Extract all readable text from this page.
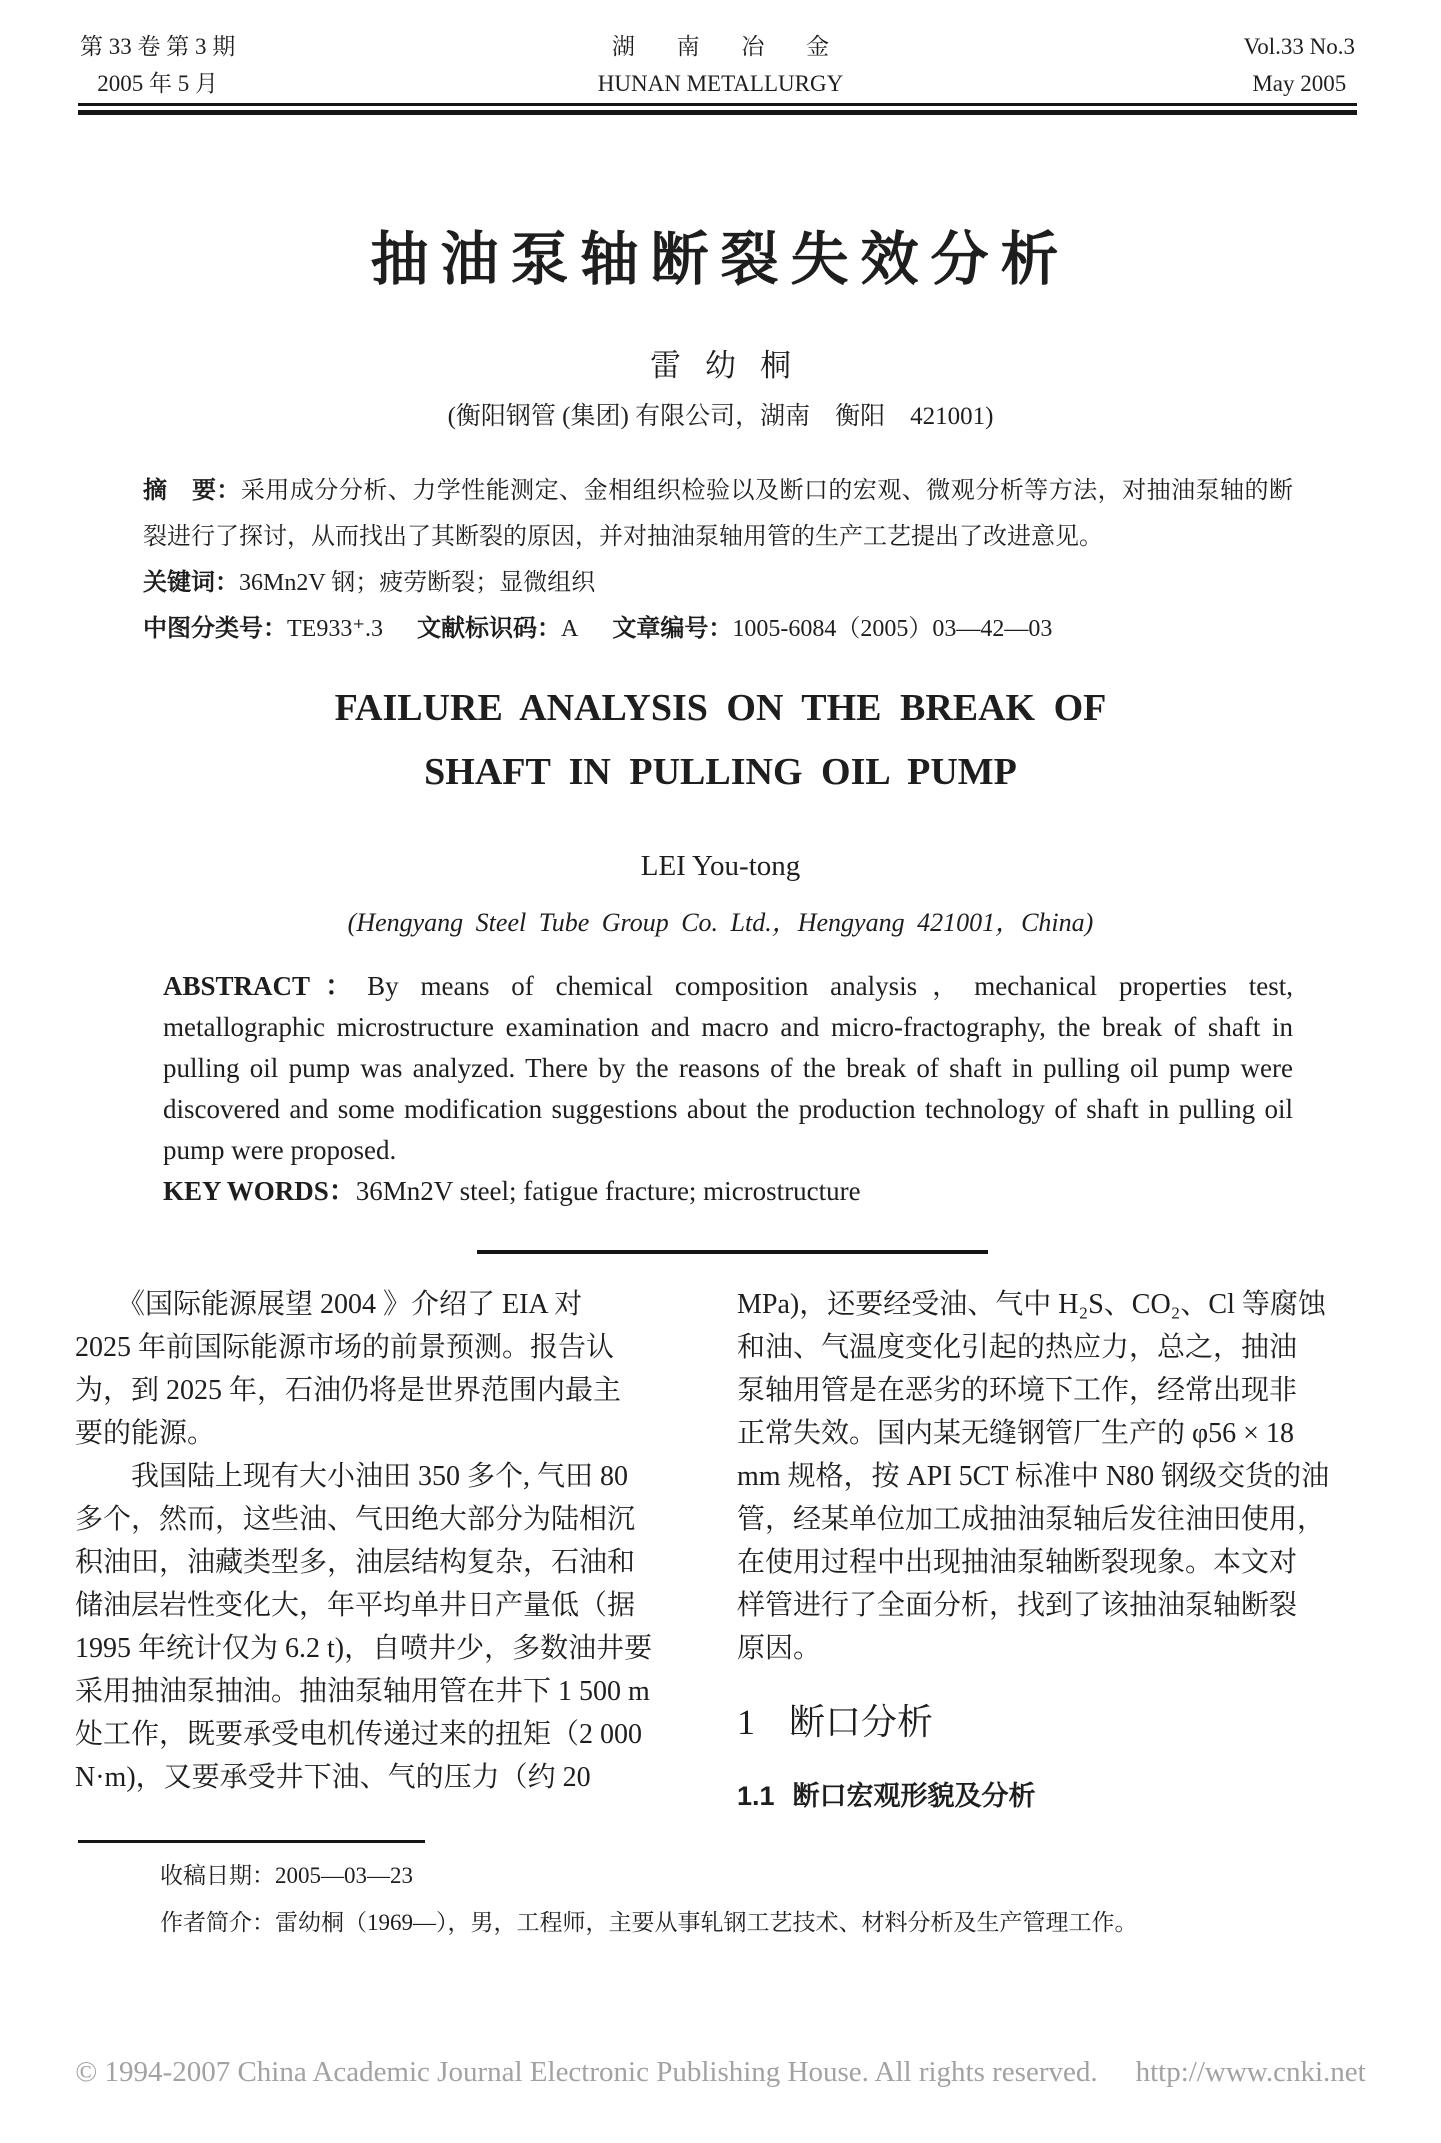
第 33 卷 第 3 期
2005 年 5 月
湖 南 冶 金
HUNAN METALLURGY
Vol.33 No.3
May 2005
抽油泵轴断裂失效分析
雷幼桐
(衡阳钢管 (集团) 有限公司，湖南　衡阳　421001)

摘　要：采用成分分析、力学性能测定、金相组织检验以及断口的宏观、微观分析等方法，对抽油泵轴的断裂进行了探讨，从而找出了其断裂的原因，并对抽油泵轴用管的生产工艺提出了改进意见。

关键词：36Mn2V 钢；疲劳断裂；显微组织

中图分类号：TE933⁺.3 文献标识码：A 文章编号：1005-6084（2005）03—42—03

FAILURE ANALYSIS ON THE BREAK OF
SHAFT IN PULLING OIL PUMP
LEI You-tong
(Hengyang Steel Tube Group Co. Ltd.，Hengyang 421001，China)

ABSTRACT：By means of chemical composition analysis，mechanical properties test, metallographic microstructure examination and macro and micro-fractography, the break of shaft in pulling oil pump was analyzed. There by the reasons of the break of shaft in pulling oil pump were discovered and some modification suggestions about the production technology of shaft in pulling oil pump were proposed.

KEY WORDS：36Mn2V steel; fatigue fracture; microstructure

　　《国际能源展望 2004 》介绍了 EIA 对
2025 年前国际能源市场的前景预测。报告认
为，到 2025 年，石油仍将是世界范围内最主
要的能源。
　　我国陆上现有大小油田 350 多个, 气田 80
多个，然而，这些油、气田绝大部分为陆相沉
积油田，油藏类型多，油层结构复杂，石油和
储油层岩性变化大，年平均单井日产量低（据
1995 年统计仅为 6.2 t)，自喷井少，多数油井要
采用抽油泵抽油。抽油泵轴用管在井下 1 500 m
处工作，既要承受电机传递过来的扭矩（2 000
N·m)，又要承受井下油、气的压力（约 20
MPa)，还要经受油、气中 H₂S、CO₂、Cl 等腐蚀
和油、气温度变化引起的热应力，总之，抽油
泵轴用管是在恶劣的环境下工作，经常出现非
正常失效。国内某无缝钢管厂生产的 φ56 × 18
mm 规格，按 API 5CT 标准中 N80 钢级交货的油
管，经某单位加工成抽油泵轴后发往油田使用，
在使用过程中出现抽油泵轴断裂现象。本文对
样管进行了全面分析，找到了该抽油泵轴断裂
原因。
1 断口分析
1.1 断口宏观形貌及分析

收稿日期：2005—03—23

作者简介：雷幼桐（1969—），男，工程师，主要从事轧钢工艺技术、材料分析及生产管理工作。

© 1994-2007 China Academic Journal Electronic Publishing House. All rights reserved. http://www.cnki.net
